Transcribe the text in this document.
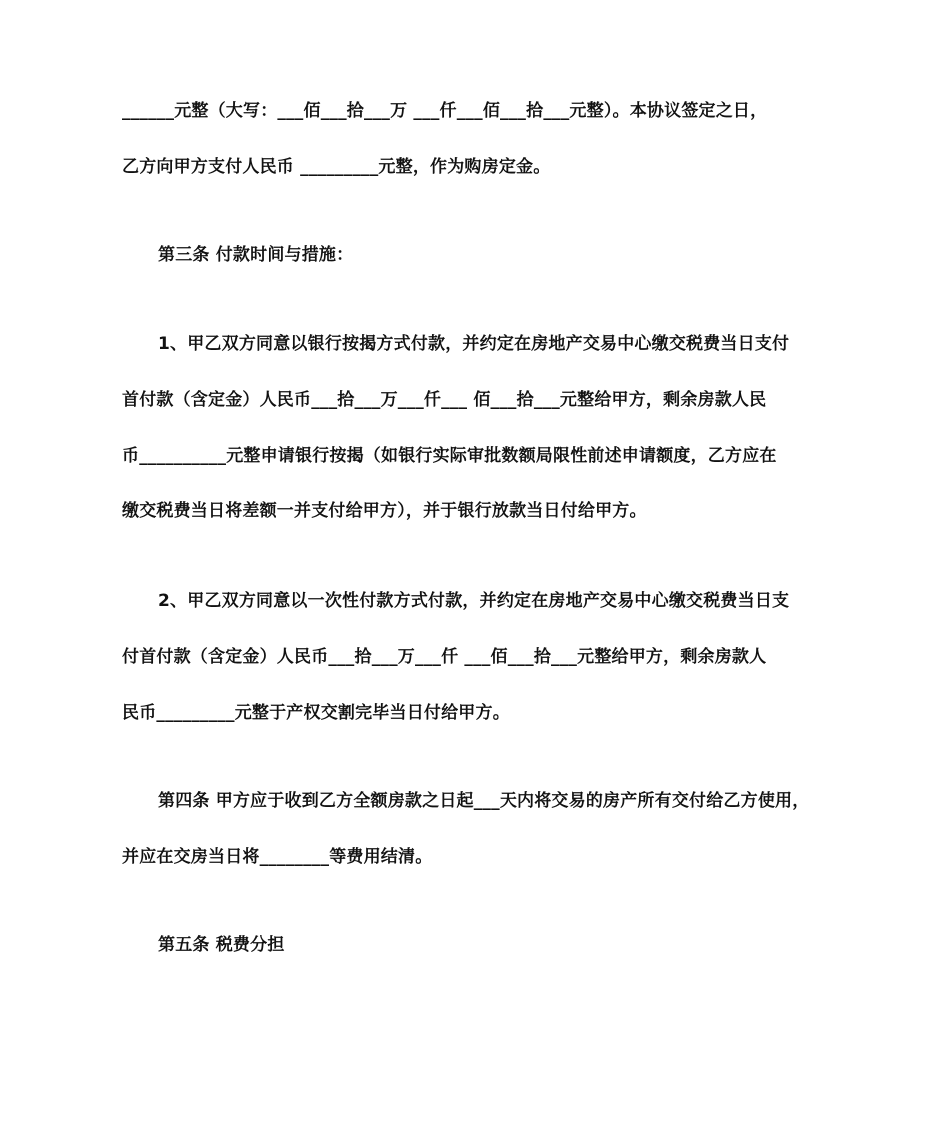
______元整（大写：___佰___拾___万 ___仟___佰___拾___元整）。本协议签定之日，
乙方向甲方支付人民币 _________元整，作为购房定金。
第三条 付款时间与措施：
1、甲乙双方同意以银行按揭方式付款，并约定在房地产交易中心缴交税费当日支付
首付款（含定金）人民币___拾___万___仟___ 佰___拾___元整给甲方，剩余房款人民
币__________元整申请银行按揭（如银行实际审批数额局限性前述申请额度，乙方应在
缴交税费当日将差额一并支付给甲方），并于银行放款当日付给甲方。
2、甲乙双方同意以一次性付款方式付款，并约定在房地产交易中心缴交税费当日支
付首付款（含定金）人民币___拾___万___仟 ___佰___拾___元整给甲方，剩余房款人
民币_________元整于产权交割完毕当日付给甲方。
第四条 甲方应于收到乙方全额房款之日起___天内将交易的房产所有交付给乙方使用，
并应在交房当日将________等费用结清。
第五条 税费分担
